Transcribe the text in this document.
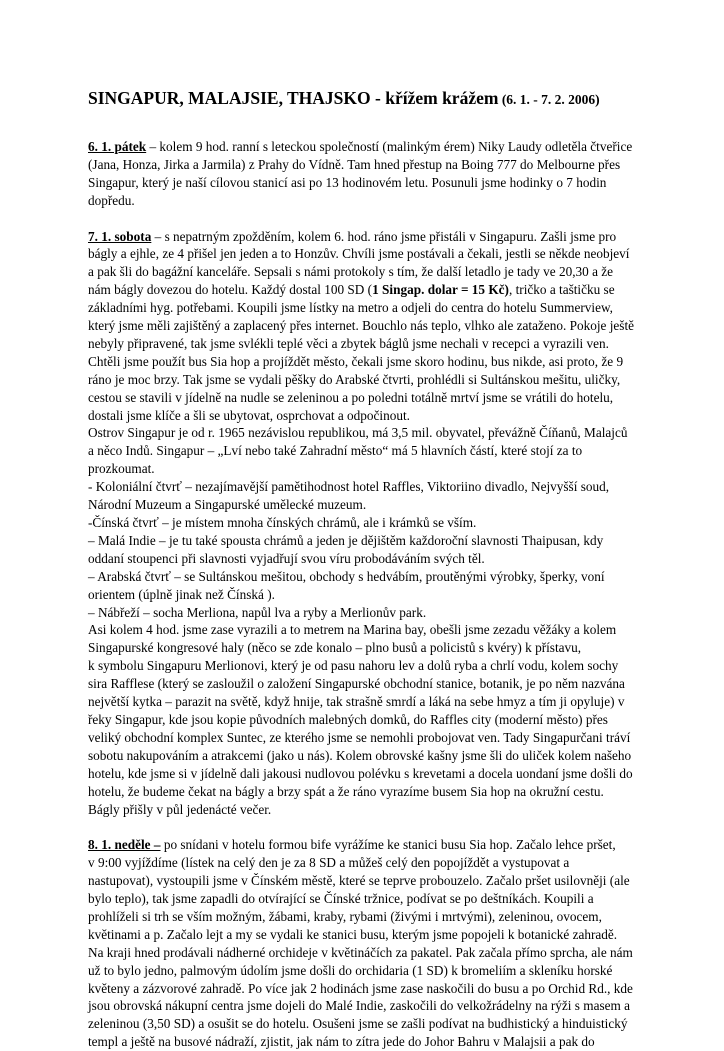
SINGAPUR, MALAJSIE, THAJSKO - křížem krážem (6. 1. - 7. 2. 2006)
6. 1. pátek – kolem 9 hod. ranní s leteckou společností (malinkým érem) Niky Laudy odletěla čtveřice
(Jana, Honza, Jirka a Jarmila) z Prahy do Vídně. Tam hned přestup na Boing 777 do Melbourne přes
Singapur, který je naší cílovou stanicí asi po 13 hodinovém letu. Posunuli jsme hodinky o 7 hodin
dopředu.
7. 1. sobota – s nepatrným zpožděním, kolem 6. hod. ráno jsme přistáli v Singapuru. Zašli jsme pro
bágly a ejhle, ze 4 přišel jen jeden a to Honzův. Chvíli jsme postávali a čekali, jestli se někde neobjeví
a pak šli do bagážní kanceláře. Sepsali s námi protokoly s tím, že další letadlo je tady ve 20,30 a že
nám bágly dovezou do hotelu. Každý dostal 100 SD (1 Singap. dolar = 15 Kč), tričko a taštičku se
základními hyg. potřebami. Koupili jsme lístky na metro a odjeli do centra do hotelu Summerview,
který jsme měli zajištěný a zaplacený přes internet. Bouchlo nás teplo, vlhko ale zataženo. Pokoje ještě
nebyly připravené, tak jsme svlékli teplé věci a zbytek báglů jsme nechali v recepci a vyrazili ven.
Chtěli jsme použít bus Sia hop a projíždět město, čekali jsme skoro hodinu, bus nikde, asi proto, že 9
ráno je moc brzy. Tak jsme se vydali pěšky do Arabské čtvrti, prohlédli si Sultánskou mešitu, uličky,
cestou se stavili v jídelně na nudle se zeleninou a po poledni totálně mrtví jsme se vrátili do hotelu,
dostali jsme klíče a šli se ubytovat, osprchovat a odpočinout.
Ostrov Singapur je od r. 1965 nezávislou republikou, má 3,5 mil. obyvatel, převážně Číňanů, Malajců
a něco Indů. Singapur – „Lví nebo také Zahradní město“ má 5 hlavních částí, které stojí za to
prozkoumat.
- Koloniální čtvrť – nezajímavější pamětihodnost hotel Raffles, Viktoriino divadlo, Nejvyšší soud,
Národní Muzeum a Singapurské umělecké muzeum.
-Čínská čtvrť – je místem mnoha čínských chrámů, ale i krámků se vším.
– Malá Indie – je tu také spousta chrámů a jeden je dějištěm každoroční slavnosti Thaipusan, kdy
oddaní stoupenci při slavnosti vyjadřují svou víru probodáváním svých těl.
– Arabská čtvrť – se Sultánskou mešitou, obchody s hedvábím, proutěnými výrobky, šperky, voní
orientem (úplně jinak než Čínská ).
– Nábřeží – socha Merliona, napůl lva a ryby a Merlionův park.
Asi kolem 4 hod. jsme zase vyrazili a to metrem na Marina bay, obešli jsme zezadu věžáky a kolem
Singapurské kongresové haly (něco se zde konalo – plno busů a policistů s kvéry) k přístavu,
k symbolu Singapuru Merlionovi, který je od pasu nahoru lev a dolů ryba a chrlí vodu, kolem sochy
sira Rafflese (který se zasloužil o založení Singapurské obchodní stanice, botanik, je po něm nazvána
největší kytka – parazit na světě, když hnije, tak strašně smrdí a láká na sebe hmyz a tím ji opyluje) v
řeky Singapur, kde jsou kopie původních malebných domků, do Raffles city (moderní město) přes
veliký obchodní komplex Suntec, ze kterého jsme se nemohli probojovat ven. Tady Singapurčani tráví
sobotu nakupováním a atrakcemi (jako u nás). Kolem obrovské kašny jsme šli do uliček kolem našeho
hotelu, kde jsme si v jídelně dali jakousi nudlovou polévku s krevetami a docela uondaní jsme došli do
hotelu, že budeme čekat na bágly a brzy spát a že ráno vyrazíme busem Sia hop na okružní cestu.
Bágly přišly v půl jedenácté večer.
8. 1. neděle – po snídani v hotelu formou bife vyrážíme ke stanici busu Sia hop. Začalo lehce pršet,
v 9:00 vyjíždíme (lístek na celý den je za 8 SD a můžeš celý den popojíždět a vystupovat a
nastupovat), vystoupili jsme v Čínském městě, které se teprve probouzelo. Začalo pršet usilovněji (ale
bylo teplo), tak jsme zapadli do otvírající se Čínské tržnice, podívat se po deštníkách. Koupili a
prohlíželi si trh se vším možným, žábami, kraby, rybami (živými i mrtvými), zeleninou, ovocem,
květinami a p. Začalo lejt a my se vydali ke stanici busu, kterým jsme popojeli k botanické zahradě.
Na kraji hned prodávali nádherné orchideje v květináčích za pakatel. Pak začala přímo sprcha, ale nám
už to bylo jedno, palmovým údolím jsme došli do orchidaria (1 SD) k bromeliím a skleníku horské
květeny a zázvorové zahradě. Po více jak 2 hodinách jsme zase naskočili do busu a po Orchid Rd., kde
jsou obrovská nákupní centra jsme dojeli do Malé Indie, zaskočili do velkožrádelny na rýži s masem a
zeleninou (3,50 SD) a osušit se do hotelu. Osušeni jsme se zašli podívat na budhistický a hinduistický
templ a ještě na busové nádraží, zjistit, jak nám to zítra jede do Johor Bahru v Malajsii a pak do
